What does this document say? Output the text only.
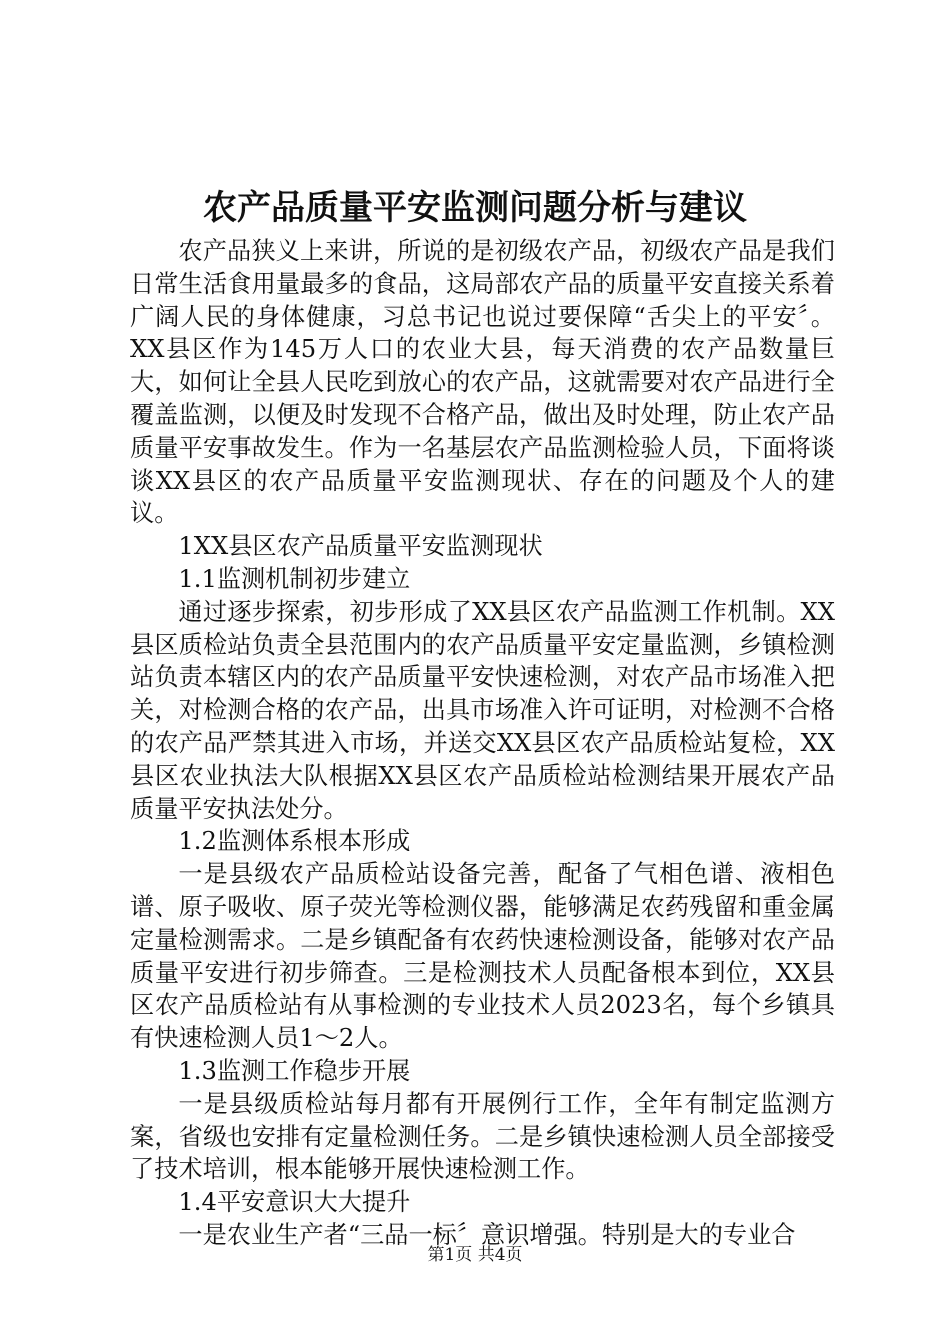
农产品质量平安监测问题分析与建议

农产品狭义上来讲，所说的是初级农产品，初级农产品是我们日常生活食用量最多的食品，这局部农产品的质量平安直接关系着广阔人民的身体健康，习总书记也说过要保障“舌尖上的平安〞。XX县区作为145万人口的农业大县，每天消费的农产品数量巨大，如何让全县人民吃到放心的农产品，这就需要对农产品进行全覆盖监测，以便及时发现不合格产品，做出及时处理，防止农产品质量平安事故发生。作为一名基层农产品监测检验人员，下面将谈谈XX县区的农产品质量平安监测现状、存在的问题及个人的建议。

1XX县区农产品质量平安监测现状

1.1监测机制初步建立

通过逐步探索，初步形成了XX县区农产品监测工作机制。XX县区质检站负责全县范围内的农产品质量平安定量监测，乡镇检测站负责本辖区内的农产品质量平安快速检测，对农产品市场准入把关，对检测合格的农产品，出具市场准入许可证明，对检测不合格的农产品严禁其进入市场，并送交XX县区农产品质检站复检，XX县区农业执法大队根据XX县区农产品质检站检测结果开展农产品质量平安执法处分。

1.2监测体系根本形成

一是县级农产品质检站设备完善，配备了气相色谱、液相色谱、原子吸收、原子荧光等检测仪器，能够满足农药残留和重金属定量检测需求。二是乡镇配备有农药快速检测设备，能够对农产品质量平安进行初步筛查。三是检测技术人员配备根本到位，XX县区农产品质检站有从事检测的专业技术人员2023名，每个乡镇具有快速检测人员1～2人。

1.3监测工作稳步开展

一是县级质检站每月都有开展例行工作，全年有制定监测方案，省级也安排有定量检测任务。二是乡镇快速检测人员全部接受了技术培训，根本能够开展快速检测工作。

1.4平安意识大大提升

一是农业生产者“三品一标〞意识增强。特别是大的专业合

第1页 共4页
